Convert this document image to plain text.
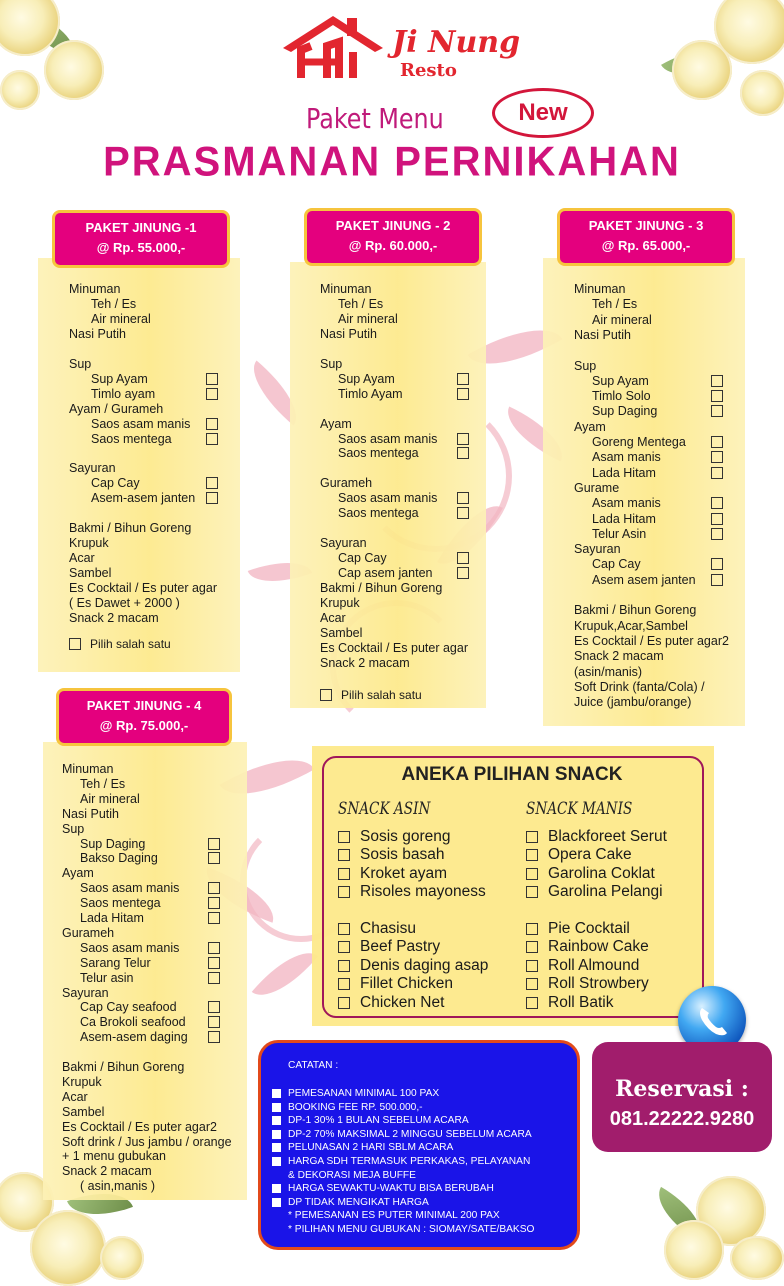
Ji Nung
Resto
Paket Menu	New
PRASMANAN PERNIKAHAN
PAKET JINUNG -1
@ Rp. 55.000,-
PAKET JINUNG - 2
@ Rp. 60.000,-
PAKET JINUNG - 3
@ Rp. 65.000,-
PAKET JINUNG - 4
@ Rp. 75.000,-
Minuman
Teh / Es
Air mineral
Nasi Putih
Sup
Sup Ayam
Timlo ayam
Ayam / Gurameh
Saos asam manis
Saos mentega
Sayuran
Cap Cay
Asem-asem janten
Bakmi / Bihun Goreng
Krupuk
Acar
Sambel
Es Cocktail / Es puter agar
( Es Dawet + 2000 )
Snack 2 macam
Pilih salah satu
Minuman
Teh / Es
Air mineral
Nasi Putih
Sup
Sup Ayam
Timlo Ayam
Ayam
Saos asam manis
Saos mentega
Gurameh
Saos asam manis
Saos mentega
Sayuran
Cap Cay
Cap asem janten
Bakmi / Bihun Goreng
Krupuk
Acar
Sambel
Es Cocktail / Es puter agar
Snack 2 macam
Pilih salah satu
Minuman
Teh / Es
Air mineral
Nasi Putih
Sup
Sup Ayam
Timlo Solo
Sup Daging
Ayam
Goreng Mentega
Asam manis
Lada Hitam
Gurame
Asam manis
Lada Hitam
Telur Asin
Sayuran
Cap Cay
Asem asem janten
Bakmi / Bihun Goreng
Krupuk,Acar,Sambel
Es Cocktail / Es puter agar2
Snack 2 macam
(asin/manis)
Soft Drink (fanta/Cola) /
Juice (jambu/orange)
Minuman
Teh / Es
Air mineral
Nasi Putih
Sup
Sup Daging
Bakso Daging
Ayam
Saos asam manis
Saos mentega
Lada Hitam
Gurameh
Saos asam manis
Sarang Telur
Telur asin
Sayuran
Cap Cay seafood
Ca Brokoli seafood
Asem-asem daging
Bakmi / Bihun Goreng
Krupuk
Acar
Sambel
Es Cocktail / Es puter agar2
Soft drink / Jus jambu / orange
+ 1 menu gubukan
Snack 2 macam
( asin,manis )
ANEKA PILIHAN SNACK
SNACK ASIN	SNACK MANIS
Sosis goreng
Sosis basah
Kroket ayam
Risoles mayoness
Chasisu
Beef Pastry
Denis daging asap
Fillet Chicken
Chicken Net
Blackforeet Serut
Opera Cake
Garolina Coklat
Garolina Pelangi
Pie Cocktail
Rainbow Cake
Roll Almound
Roll Strowbery
Roll Batik
Reservasi :
081.22222.9280
CATATAN :
PEMESANAN MINIMAL 100 PAX
BOOKING FEE RP. 500.000,-
DP-1 30% 1 BULAN SEBELUM ACARA
DP-2 70% MAKSIMAL 2 MINGGU SEBELUM ACARA
PELUNASAN 2 HARI SBLM ACARA
HARGA SDH TERMASUK PERKAKAS, PELAYANAN
& DEKORASI MEJA BUFFE
HARGA SEWAKTU-WAKTU BISA BERUBAH
DP TIDAK MENGIKAT HARGA
* PEMESANAN ES PUTER MINIMAL 200 PAX
* PILIHAN MENU GUBUKAN : SIOMAY/SATE/BAKSO
